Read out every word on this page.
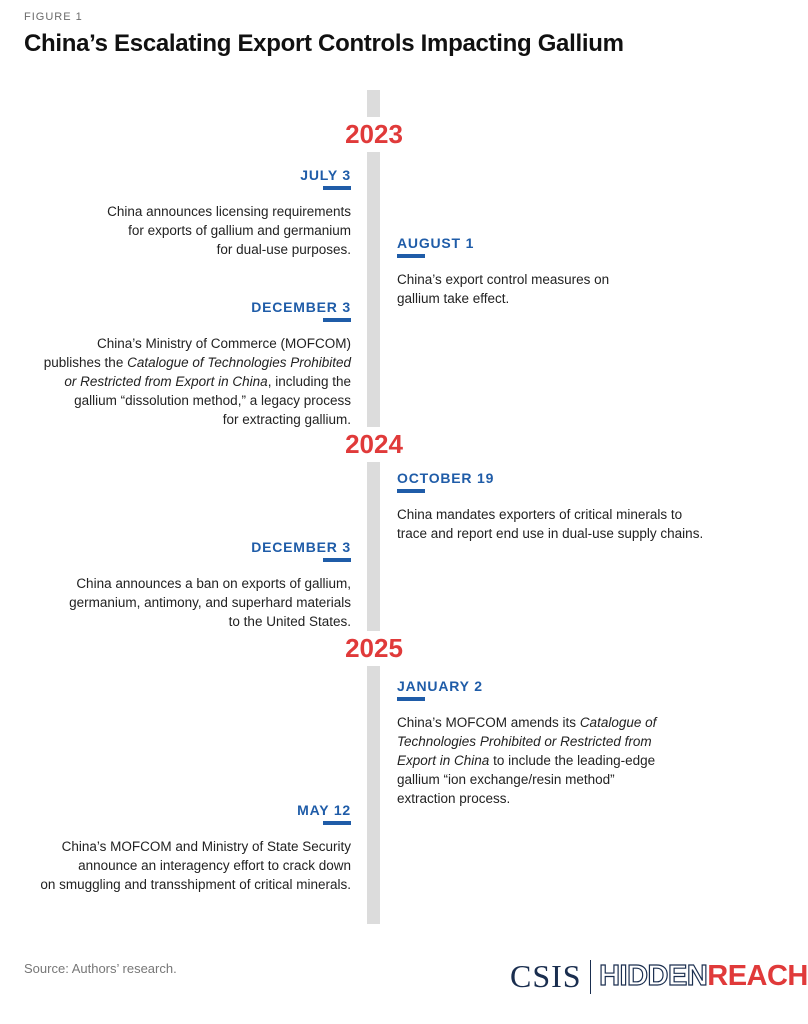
FIGURE 1
China’s Escalating Export Controls Impacting Gallium
2023
2024
2025
JULY 3
China announces licensing requirements
for exports of gallium and germanium
for dual-use purposes.	AUGUST 1
China’s export control measures on
gallium take effect.
DECEMBER 3
China’s Ministry of Commerce (MOFCOM)
publishes the Catalogue of Technologies Prohibited
or Restricted from Export in China, including the
gallium “dissolution method,” a legacy process
for extracting gallium.
OCTOBER 19
China mandates exporters of critical minerals to
trace and report end use in dual-use supply chains.
DECEMBER 3
China announces a ban on exports of gallium,
germanium, antimony, and superhard materials
to the United States.
JANUARY 2
China’s MOFCOM amends its Catalogue of
Technologies Prohibited or Restricted from
Export in China to include the leading-edge
gallium “ion exchange/resin method”
extraction process.
MAY 12
China’s MOFCOM and Ministry of State Security
announce an interagency effort to crack down
on smuggling and transshipment of critical minerals.
Source: Authors’ research.	CSIS HIDDEN REACH
